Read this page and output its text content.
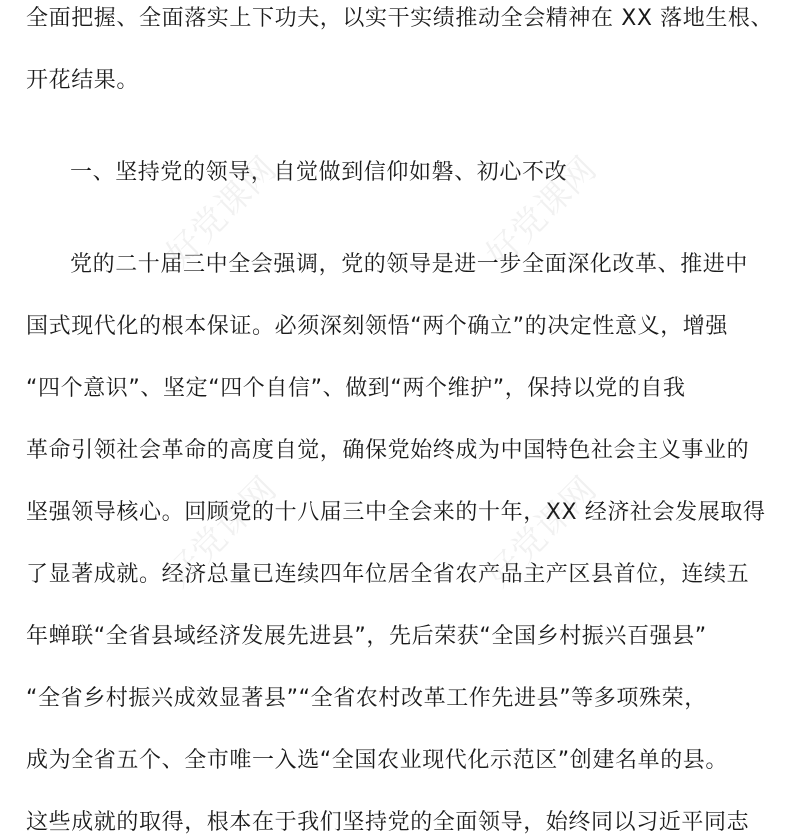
全面把握、全面落实上下功夫，以实干实绩推动全会精神在 XX 落地生根、
开花结果。
一、坚持党的领导，自觉做到信仰如磐、初心不改
党的二十届三中全会强调，党的领导是进一步全面深化改革、推进中
国式现代化的根本保证。必须深刻领悟“两个确立”的决定性意义，增强
“四个意识”、坚定“四个自信”、做到“两个维护”，保持以党的自我
革命引领社会革命的高度自觉，确保党始终成为中国特色社会主义事业的
坚强领导核心。回顾党的十八届三中全会来的十年，XX 经济社会发展取得
了显著成就。经济总量已连续四年位居全省农产品主产区县首位，连续五
年蝉联“全省县域经济发展先进县”，先后荣获“全国乡村振兴百强县”
“全省乡村振兴成效显著县”“全省农村改革工作先进县”等多项殊荣，
成为全省五个、全市唯一入选“全国农业现代化示范区”创建名单的县。
这些成就的取得，根本在于我们坚持党的全面领导，始终同以习近平同志
好党课网	好党课网
好党课网	好党课网
